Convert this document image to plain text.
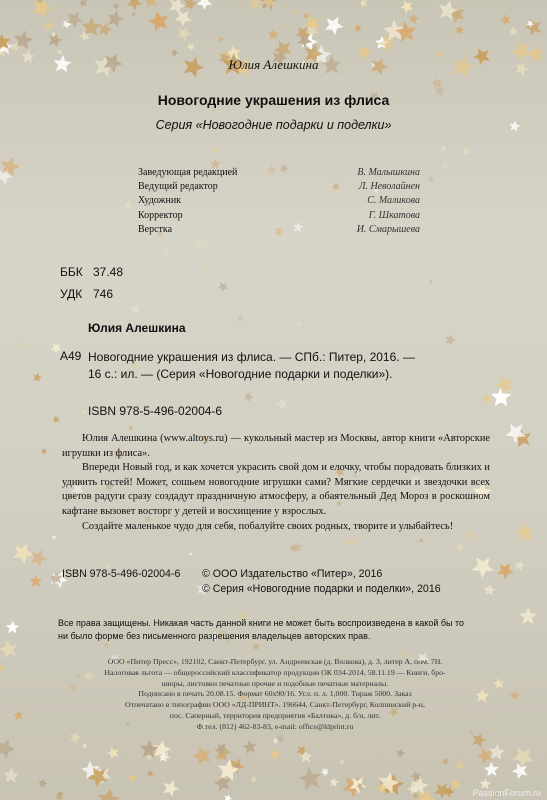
Юлия Алешкина
Новогодние украшения из флиса
Серия «Новогодние подарки и поделки»
Заведующая редакцией	В. Малышкина
Ведущий редактор	Л. Неволайнен
Художник	С. Маликова
Корректор	Г. Шкатова
Верстка	И. Смарышева
ББК 37.48
УДК 746
Юлия Алешкина
А49 Новогодние украшения из флиса. — СПб.: Питер, 2016. —
16 с.: ил. — (Серия «Новогодние подарки и поделки»).
ISBN 978-5-496-02004-6

Юлия Алешкина (www.altoys.ru) — кукольный мастер из Москвы, автор книги «Авторские игрушки из флиса».

Впереди Новый год, и как хочется украсить свой дом и елочку, чтобы порадовать близких и удивить гостей! Может, сошьем новогодние игрушки сами? Мягкие сердечки и звездочки всех цветов радуги сразу создадут праздничную атмосферу, а обаятельный Дед Мороз в роскошном кафтане вызовет восторг у детей и восхищение у взрослых.

Создайте маленькое чудо для себя, побалуйте своих родных, творите и улыбайтесь!

ISBN 978-5-496-02004-6 © ООО Издательство «Питер», 2016
© Серия «Новогодние подарки и поделки», 2016
Все права защищены. Никакая часть данной книги не может быть воспроизведена в какой бы то
ни было форме без письменного разрешения владельцев авторских прав.
ООО «Питер Пресс», 192102, Санкт-Петербург, ул. Андреевская (д. Волкова), д. 3, литер А, пом. 7Н.
Налоговая льгота — общероссийский классификатор продукции ОК 034-2014, 58.11.19 — Книги, бро-
шюры, листовки печатные прочие и подобные печатные материалы.
Подписано в печать 20.08.15. Формат 60х90/16. Усл. п. л. 1,000. Тираж 5000. Заказ
Отпечатано в типографии ООО «ЛД-ПРИНТ». 196644, Санкт-Петербург, Колпинский р-н,
пос. Саперный, территория предприятия «Балтика», д. б/н, лит.
Ф.тел. (812) 462-83-83, e-mail: office@ldprint.ru
PassionForum.ru
